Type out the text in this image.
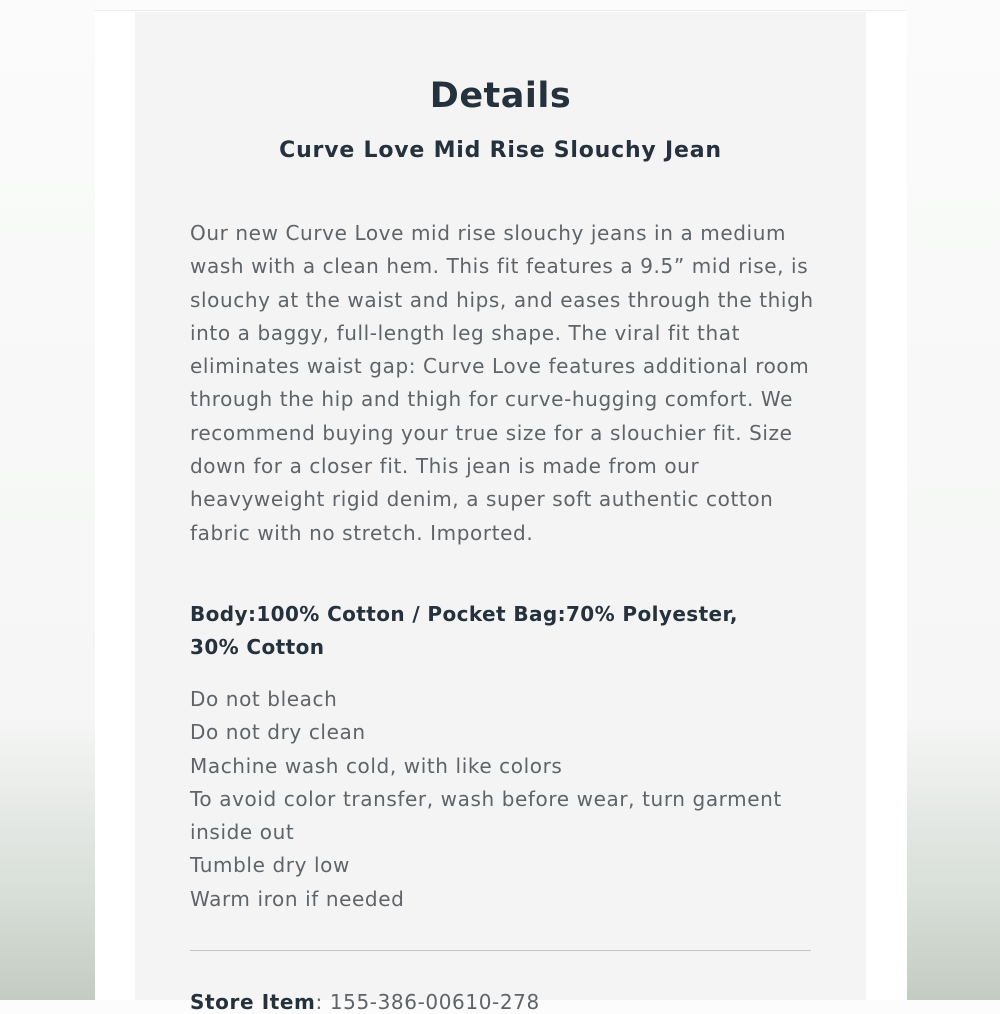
Details
Curve Love Mid Rise Slouchy Jean

Our new Curve Love mid rise slouchy jeans in a medium wash with a clean hem. This fit features a 9.5” mid rise, is slouchy at the waist and hips, and eases through the thigh into a baggy, full-length leg shape. The viral fit that eliminates waist gap: Curve Love features additional room through the hip and thigh for curve-hugging comfort. We recommend buying your true size for a slouchier fit. Size down for a closer fit. This jean is made from our heavyweight rigid denim, a super soft authentic cotton fabric with no stretch. Imported.

Body:100% Cotton / Pocket Bag:70% Polyester, 30% Cotton

Do not bleach
Do not dry clean
Machine wash cold, with like colors
To avoid color transfer, wash before wear, turn garment inside out
Tumble dry low
Warm iron if needed
Store Item: 155-386-00610-278
